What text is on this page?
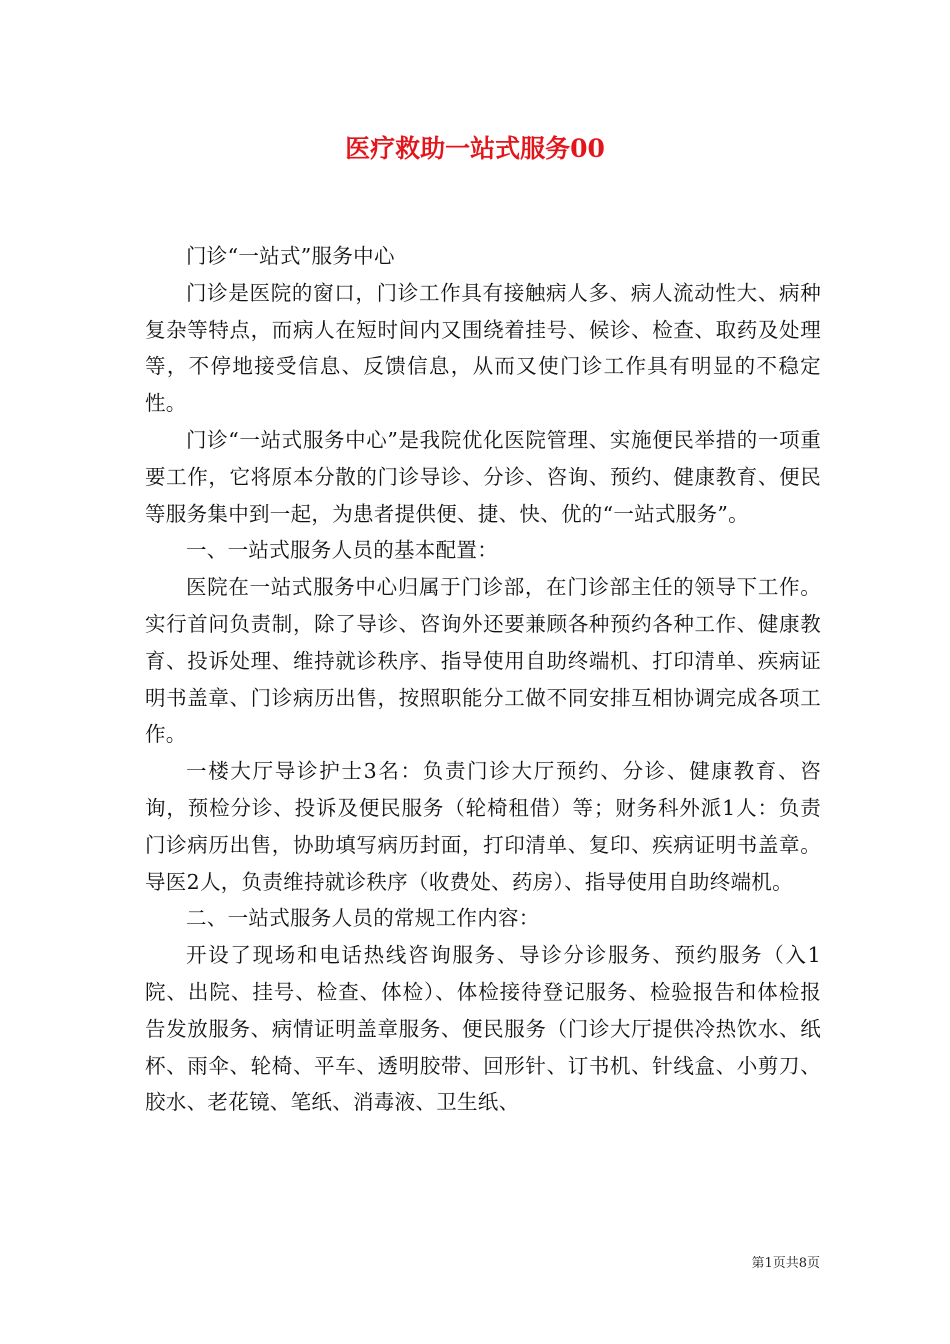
医疗救助一站式服务00

门诊“一站式”服务中心

门诊是医院的窗口，门诊工作具有接触病人多、病人流动性大、病种复杂等特点，而病人在短时间内又围绕着挂号、候诊、检查、取药及处理等，不停地接受信息、反馈信息，从而又使门诊工作具有明显的不稳定性。

门诊“一站式服务中心”是我院优化医院管理、实施便民举措的一项重要工作，它将原本分散的门诊导诊、分诊、咨询、预约、健康教育、便民等服务集中到一起，为患者提供便、捷、快、优的“一站式服务”。

一、一站式服务人员的基本配置：

医院在一站式服务中心归属于门诊部，在门诊部主任的领导下工作。实行首问负责制，除了导诊、咨询外还要兼顾各种预约各种工作、健康教育、投诉处理、维持就诊秩序、指导使用自助终端机、打印清单、疾病证明书盖章、门诊病历出售，按照职能分工做不同安排互相协调完成各项工作。

一楼大厅导诊护士3名：负责门诊大厅预约、分诊、健康教育、咨询，预检分诊、投诉及便民服务（轮椅租借）等；财务科外派1人：负责门诊病历出售，协助填写病历封面，打印清单、复印、疾病证明书盖章。导医2人，负责维持就诊秩序（收费处、药房）、指导使用自助终端机。

二、一站式服务人员的常规工作内容：

开设了现场和电话热线咨询服务、导诊分诊服务、预约服务（入1院、出院、挂号、检查、体检）、体检接待登记服务、检验报告和体检报告发放服务、病情证明盖章服务、便民服务（门诊大厅提供冷热饮水、纸杯、雨伞、轮椅、平车、透明胶带、回形针、订书机、针线盒、小剪刀、胶水、老花镜、笔纸、消毒液、卫生纸、

第1页共8页
